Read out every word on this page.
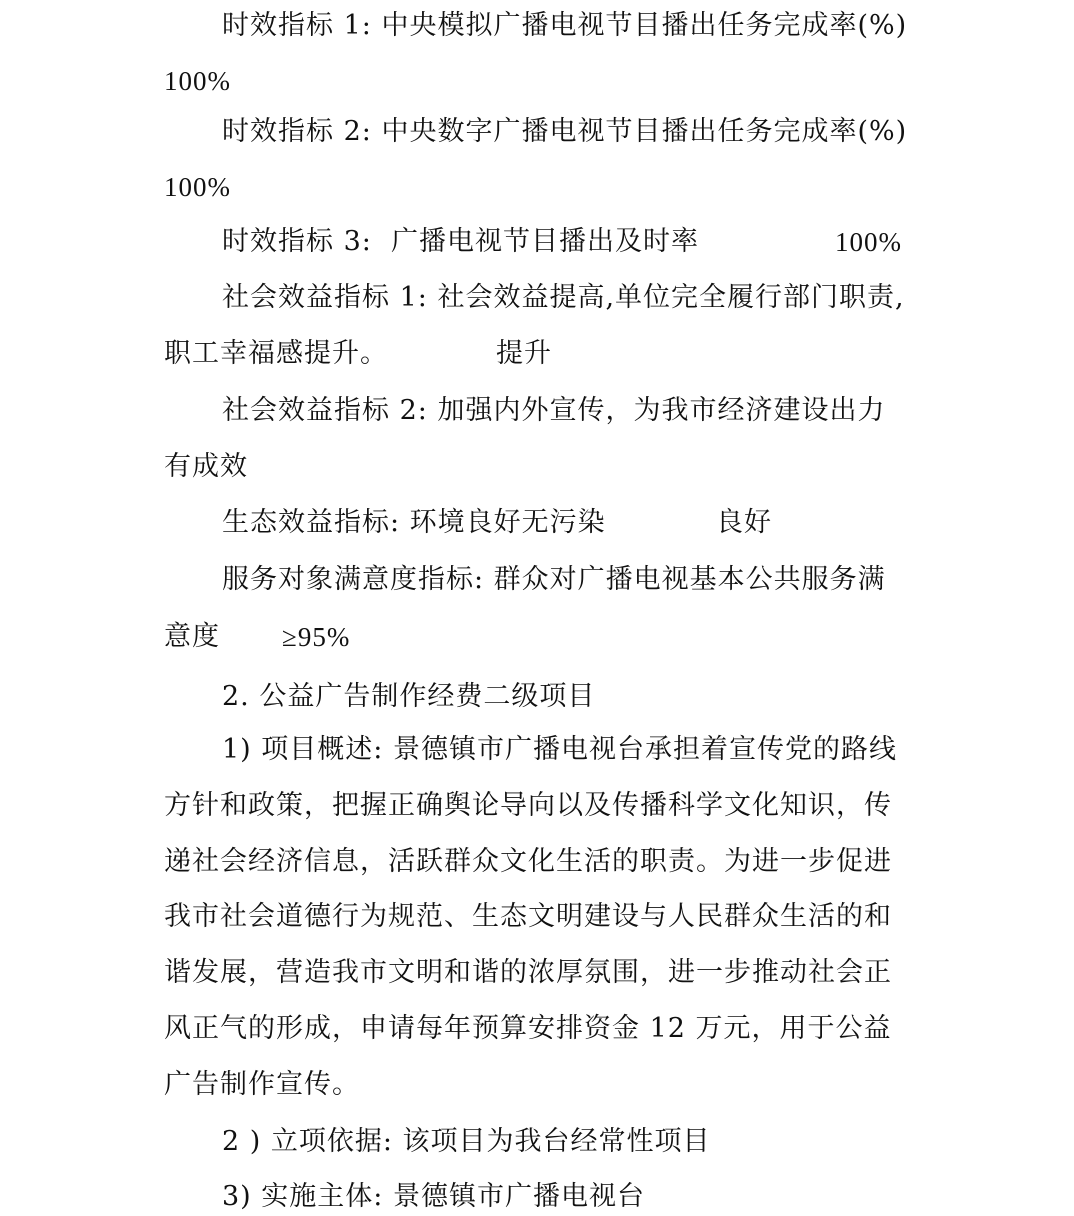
时效指标 1: 中央模拟广播电视节目播出任务完成率(%)
100%
时效指标 2: 中央数字广播电视节目播出任务完成率(%)
100%
时效指标 3:  广播电视节目播出及时率	100%
社会效益指标 1: 社会效益提高,单位完全履行部门职责,
职工幸福感提升。	提升
社会效益指标 2: 加强内外宣传，为我市经济建设出力
有成效
生态效益指标: 环境良好无污染	良好
服务对象满意度指标: 群众对广播电视基本公共服务满
意度 ≥95%
2. 公益广告制作经费二级项目
1) 项目概述: 景德镇市广播电视台承担着宣传党的路线
方针和政策，把握正确舆论导向以及传播科学文化知识，传
递社会经济信息，活跃群众文化生活的职责。为进一步促进
我市社会道德行为规范、生态文明建设与人民群众生活的和
谐发展，营造我市文明和谐的浓厚氛围，进一步推动社会正
风正气的形成，申请每年预算安排资金 12 万元，用于公益
广告制作宣传。
2 ) 立项依据: 该项目为我台经常性项目
3) 实施主体: 景德镇市广播电视台
